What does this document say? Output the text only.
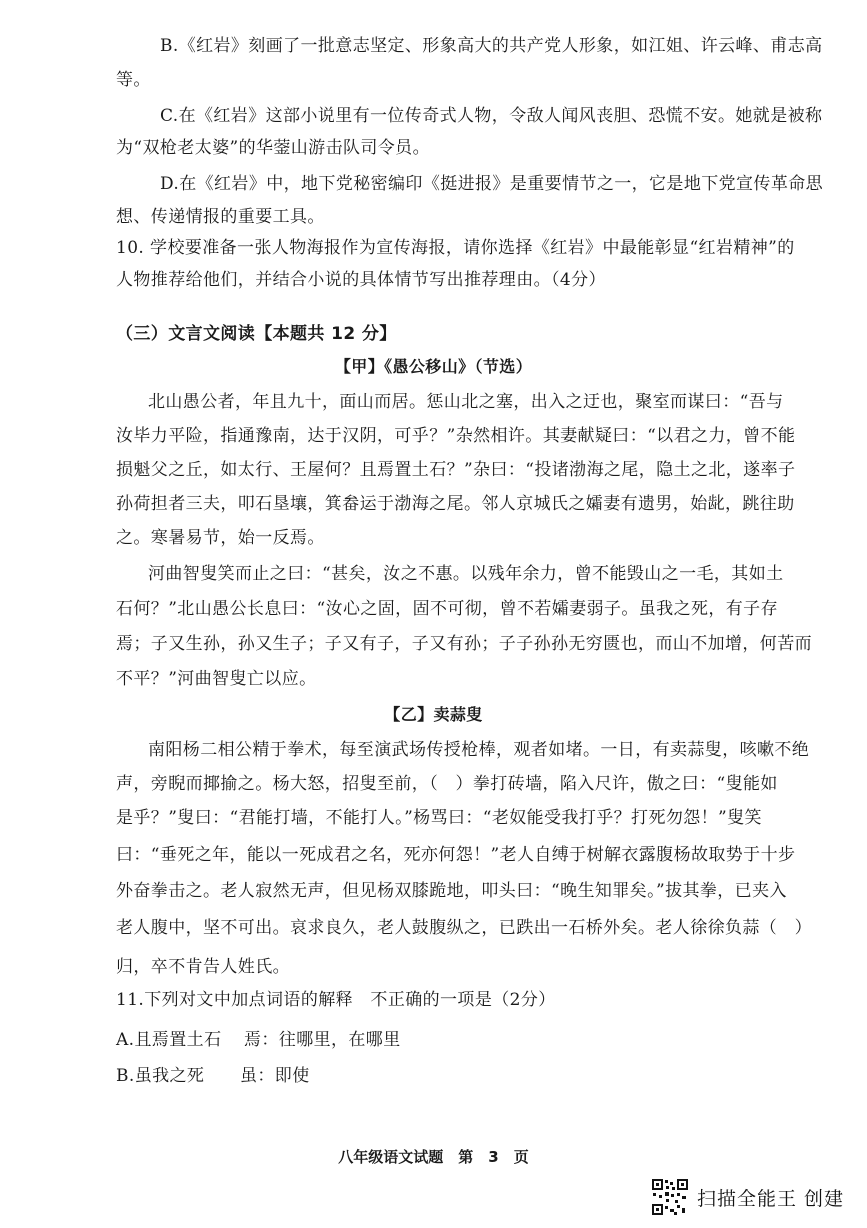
B.《红岩》刻画了一批意志坚定、形象高大的共产党人形象，如江姐、许云峰、甫志高
等。
C.在《红岩》这部小说里有一位传奇式人物，令敌人闻风丧胆、恐慌不安。她就是被称
为“双枪老太婆”的华蓥山游击队司令员。
D.在《红岩》中，地下党秘密编印《挺进报》是重要情节之一，它是地下党宣传革命思
想、传递情报的重要工具。
10. 学校要准备一张人物海报作为宣传海报，请你选择《红岩》中最能彰显“红岩精神”的
人物推荐给他们，并结合小说的具体情节写出推荐理由。（4分）
（三）文言文阅读【本题共 12 分】
【甲】《愚公移山》（节选）
北山愚公者，年且九十，面山而居。惩山北之塞，出入之迂也，聚室而谋曰：“吾与
汝毕力平险，指通豫南，达于汉阴，可乎？”杂然相许。其妻献疑曰：“以君之力，曾不能
损魁父之丘，如太行、王屋何？且焉置土石？”杂曰：“投诸渤海之尾，隐土之北，遂率子
孙荷担者三夫，叩石垦壤，箕畚运于渤海之尾。邻人京城氏之孀妻有遗男，始龀，跳往助
之。寒暑易节，始一反焉。
河曲智叟笑而止之曰：“甚矣，汝之不惠。以残年余力，曾不能毁山之一毛，其如土
石何？”北山愚公长息曰：“汝心之固，固不可彻，曾不若孀妻弱子。虽我之死，有子存
焉；子又生孙，孙又生子；子又有子，子又有孙；子子孙孙无穷匮也，而山不加增，何苦而
不平？”河曲智叟亡以应。
【乙】卖蒜叟
南阳杨二相公精于拳术，每至演武场传授枪棒，观者如堵。一日，有卖蒜叟，咳嗽不绝
声，旁睨而揶揄之。杨大怒，招叟至前，（　）拳打砖墙，陷入尺许，傲之曰：“叟能如
是乎？”叟曰：“君能打墙，不能打人。”杨骂曰：“老奴能受我打乎？打死勿怨！”叟笑
曰：“垂死之年，能以一死成君之名，死亦何怨！”老人自缚于树解衣露腹杨故取势于十步
外奋拳击之。老人寂然无声，但见杨双膝跪地，叩头曰：“晚生知罪矣。”拔其拳，已夹入
老人腹中，坚不可出。哀求良久，老人鼓腹纵之，已跌出一石桥外矣。老人徐徐负蒜（　）
归，卒不肯告人姓氏。
11.下列对文中加点词语的解释　不正确的一项是（2分）
A.且焉置土石 焉：往哪里，在哪里
B.虽我之死 虽：即使
八年级语文试题　第　3　页
扫描全能王 创建
